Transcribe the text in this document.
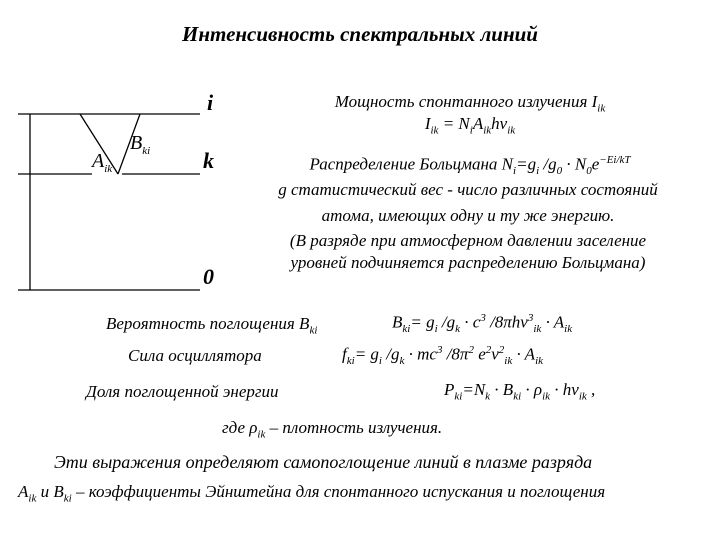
Интенсивность спектральных линий
i
k
0
$A_{ik}$
$B_{ki}$
Мощность спонтанного излучения $I_{ik}$
$I_{ik} = N_iA_{ik}h\nu_{ik}$
Распределение Больцмана $N_i=g_i$ $/g_0 \cdot N_0e^{-Ei/kT}$
g статистический вес - число различных состояний
атома, имеющих одну и ту же энергию.
(В разряде при атмосферном давлении заселение
уровней подчиняется распределению Больцмана)
Вероятность поглощения $B_{ki}$	$B_{ki}= g_i$ $/g_k \cdot c^3$ $/8\pi h\nu^3_{ik} \cdot A_{ik}$
Сила осциллятора	$f_{ki}= g_i$ $/g_k \cdot mc^3$ $/8\pi^2$ $e^2\nu^2_{ik} \cdot A_{ik}$
Доля поглощенной энергии	$P_{ki}=N_k \cdot B_{ki} \cdot \rho_{ik} \cdot h\nu_{ik}$ ,
где $\rho_{ik}$ – плотность излучения.
Эти выражения определяют самопоглощение линий в плазме разряда
$A_{ik}$ и $B_{ki}$ – коэффициенты Эйнштейна для спонтанного испускания и поглощения
